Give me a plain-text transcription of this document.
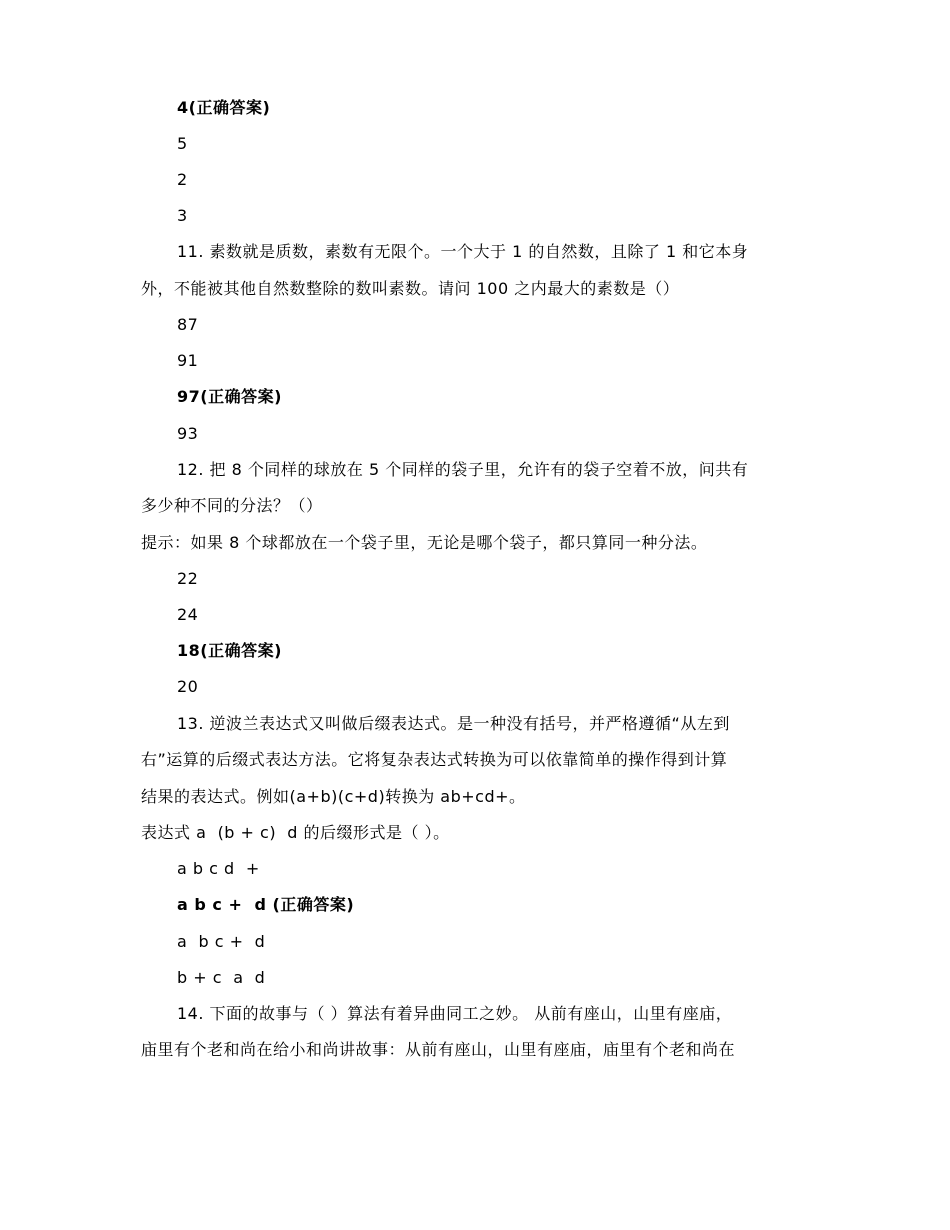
4(正确答案)
5
2
3
11. 素数就是质数，素数有无限个。一个大于 1 的自然数，且除了 1 和它本身
外，不能被其他自然数整除的数叫素数。请问 100 之内最大的素数是（）
87
91
97(正确答案)
93
12. 把 8 个同样的球放在 5 个同样的袋子里，允许有的袋子空着不放，问共有
多少种不同的分法？（）
提示：如果 8 个球都放在一个袋子里，无论是哪个袋子，都只算同一种分法。
22
24
18(正确答案)
20
13. 逆波兰表达式又叫做后缀表达式。是一种没有括号，并严格遵循“从左到
右”运算的后缀式表达方法。它将复杂表达式转换为可以依靠简单的操作得到计算
结果的表达式。例如(a+b)(c+d)转换为 ab+cd+。
表达式 a  (b + c)  d 的后缀形式是（ ）。
a b c d  +
a b c +  d (正确答案)
a  b c +  d
b + c  a  d
14. 下面的故事与（ ）算法有着异曲同工之妙。 从前有座山，山里有座庙，
庙里有个老和尚在给小和尚讲故事：从前有座山，山里有座庙，庙里有个老和尚在
